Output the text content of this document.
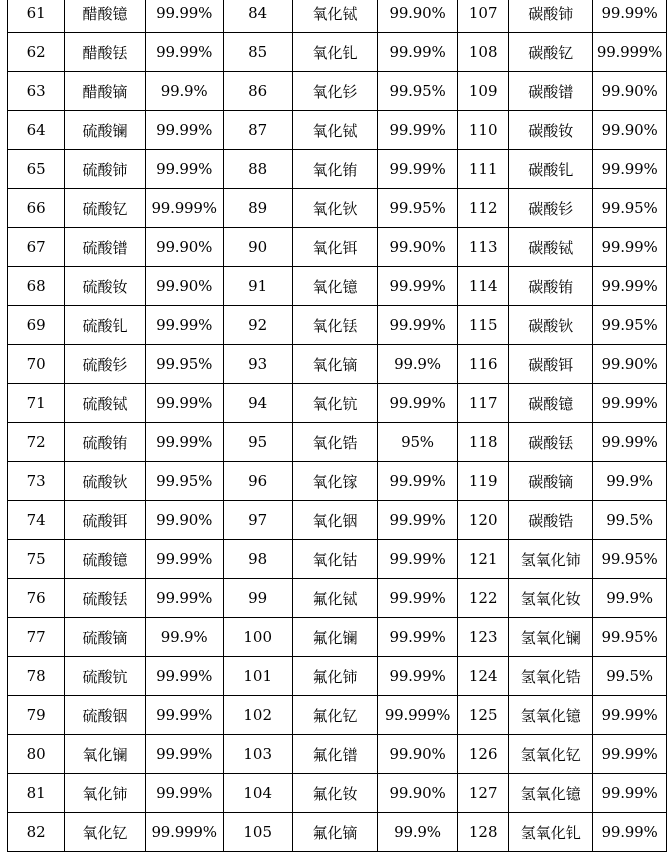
61	醋酸镱	99.99%	84	氧化铽	99.90%	107	碳酸铈	99.99%
62	醋酸铥	99.99%	85	氧化钆	99.99%	108	碳酸钇	99.999%
63	醋酸镝	99.9%	86	氧化钐	99.95%	109	碳酸镨	99.90%
64	硫酸镧	99.99%	87	氧化铽	99.99%	110	碳酸钕	99.90%
65	硫酸铈	99.99%	88	氧化铕	99.99%	111	碳酸钆	99.99%
66	硫酸钇	99.999%	89	氧化钬	99.95%	112	碳酸钐	99.95%
67	硫酸镨	99.90%	90	氧化铒	99.90%	113	碳酸铽	99.99%
68	硫酸钕	99.90%	91	氧化镱	99.99%	114	碳酸铕	99.99%
69	硫酸钆	99.99%	92	氧化铥	99.99%	115	碳酸钬	99.95%
70	硫酸钐	99.95%	93	氧化镝	99.9%	116	碳酸铒	99.90%
71	硫酸铽	99.99%	94	氧化钪	99.99%	117	碳酸镱	99.99%
72	硫酸铕	99.99%	95	氧化锆	95%	118	碳酸铥	99.99%
73	硫酸钬	99.95%	96	氧化镓	99.99%	119	碳酸镝	99.9%
74	硫酸铒	99.90%	97	氧化铟	99.99%	120	碳酸锆	99.5%
75	硫酸镱	99.99%	98	氧化钴	99.99%	121	氢氧化铈	99.95%
76	硫酸铥	99.99%	99	氟化铽	99.99%	122	氢氧化钕	99.9%
77	硫酸镝	99.9%	100	氟化镧	99.99%	123	氢氧化镧	99.95%
78	硫酸钪	99.99%	101	氟化铈	99.99%	124	氢氧化锆	99.5%
79	硫酸铟	99.99%	102	氟化钇	99.999%	125	氢氧化镱	99.99%
80	氧化镧	99.99%	103	氟化镨	99.90%	126	氢氧化钇	99.99%
81	氧化铈	99.99%	104	氟化钕	99.90%	127	氢氧化镱	99.99%
82	氧化钇	99.999%	105	氟化镝	99.9%	128	氢氧化钆	99.99%
